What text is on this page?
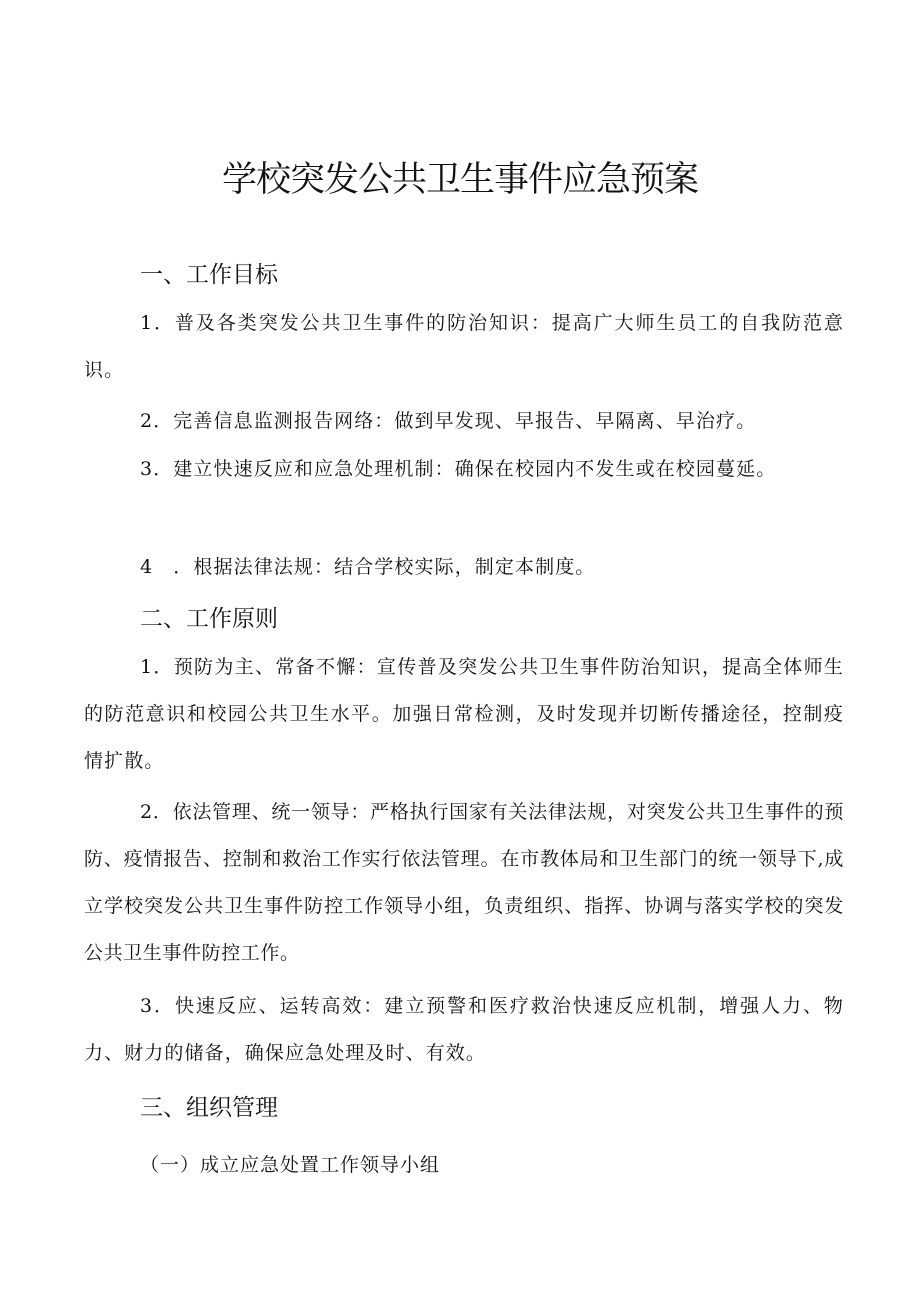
学校突发公共卫生事件应急预案
一、工作目标
1．普及各类突发公共卫生事件的防治知识：提高广大师生员工的自我防范意识。
2．完善信息监测报告网络：做到早发现、早报告、早隔离、早治疗。
3．建立快速反应和应急处理机制：确保在校园内不发生或在校园蔓延。
4　．根据法律法规：结合学校实际，制定本制度。
二、工作原则
1．预防为主、常备不懈：宣传普及突发公共卫生事件防治知识，提高全体师生的防范意识和校园公共卫生水平。加强日常检测，及时发现并切断传播途径，控制疫情扩散。
2．依法管理、统一领导：严格执行国家有关法律法规，对突发公共卫生事件的预防、疫情报告、控制和救治工作实行依法管理。在市教体局和卫生部门的统一领导下,成立学校突发公共卫生事件防控工作领导小组，负责组织、指挥、协调与落实学校的突发公共卫生事件防控工作。
3．快速反应、运转高效：建立预警和医疗救治快速反应机制，增强人力、物力、财力的储备，确保应急处理及时、有效。
三、组织管理
（一）成立应急处置工作领导小组
